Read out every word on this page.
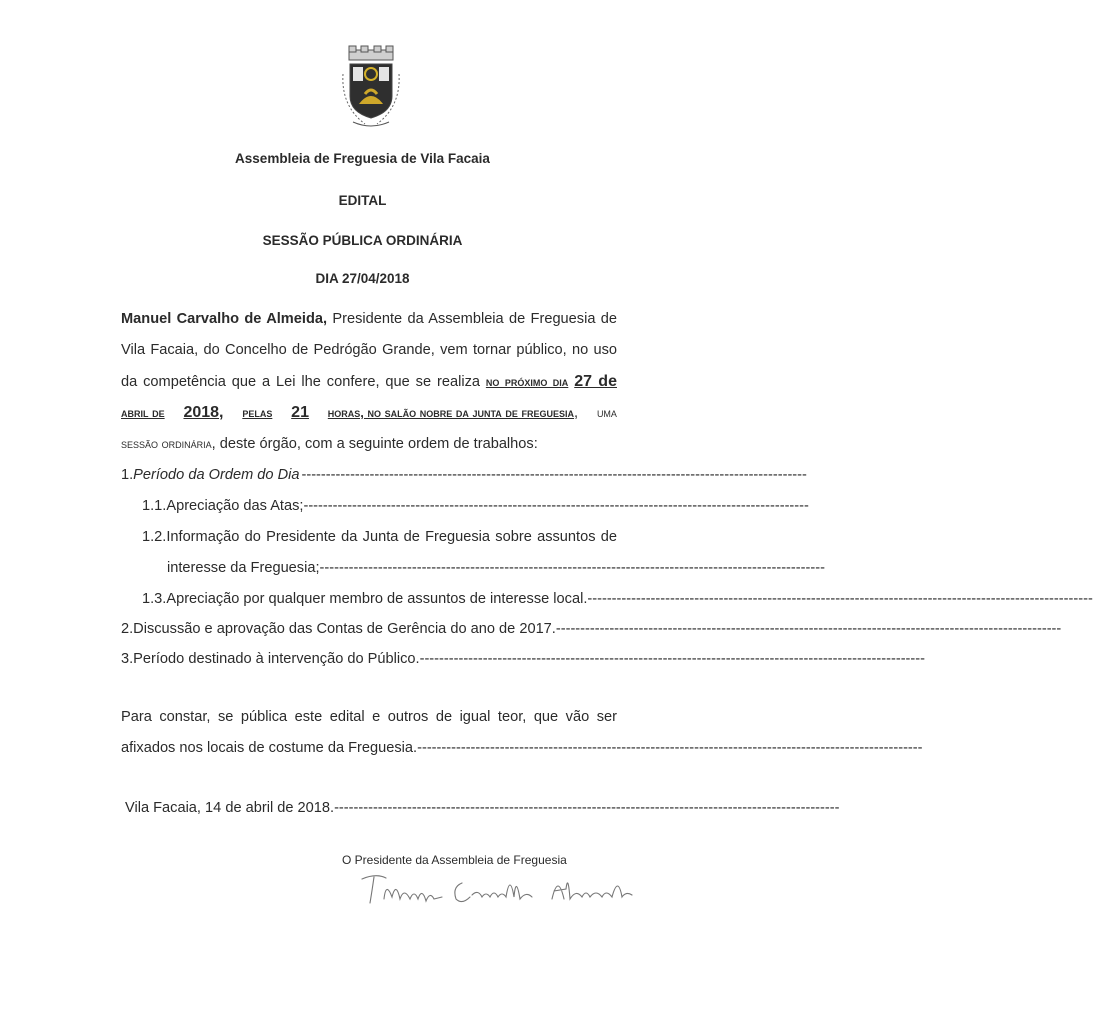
Assembleia de Freguesia de Vila Facaia
EDITAL
SESSÃO PÚBLICA ORDINÁRIA
DIA 27/04/2018
Manuel Carvalho de Almeida, Presidente da Assembleia de Freguesia de
Vila Facaia, do Concelho de Pedrógão Grande, vem tornar público, no uso
da competência que a Lei lhe confere, que se realiza no próximo dia 27 de
abril de 2018, pelas 21 horas, no salão nobre da junta de freguesia, uma
sessão ordinária, deste órgão, com a seguinte ordem de trabalhos:
1. Período da Ordem do Dia --------------------------------------------------------------------------------------------------------
1.1. Apreciação das Atas; --------------------------------------------------------------------------------------------------------
1.2.Informação do Presidente da Junta de Freguesia sobre assuntos de
interesse da Freguesia; --------------------------------------------------------------------------------------------------------
1.3. Apreciação por qualquer membro de assuntos de interesse local. --------------------------------------------------------------------------------------------------------
2. Discussão e aprovação das Contas de Gerência do ano de 2017. --------------------------------------------------------------------------------------------------------
3. Período destinado à intervenção do Público. --------------------------------------------------------------------------------------------------------
Para constar, se pública este edital e outros de igual teor, que vão ser
afixados nos locais de costume da Freguesia. --------------------------------------------------------------------------------------------------------
Vila Facaia, 14 de abril de 2018. --------------------------------------------------------------------------------------------------------
O Presidente da Assembleia de Freguesia
